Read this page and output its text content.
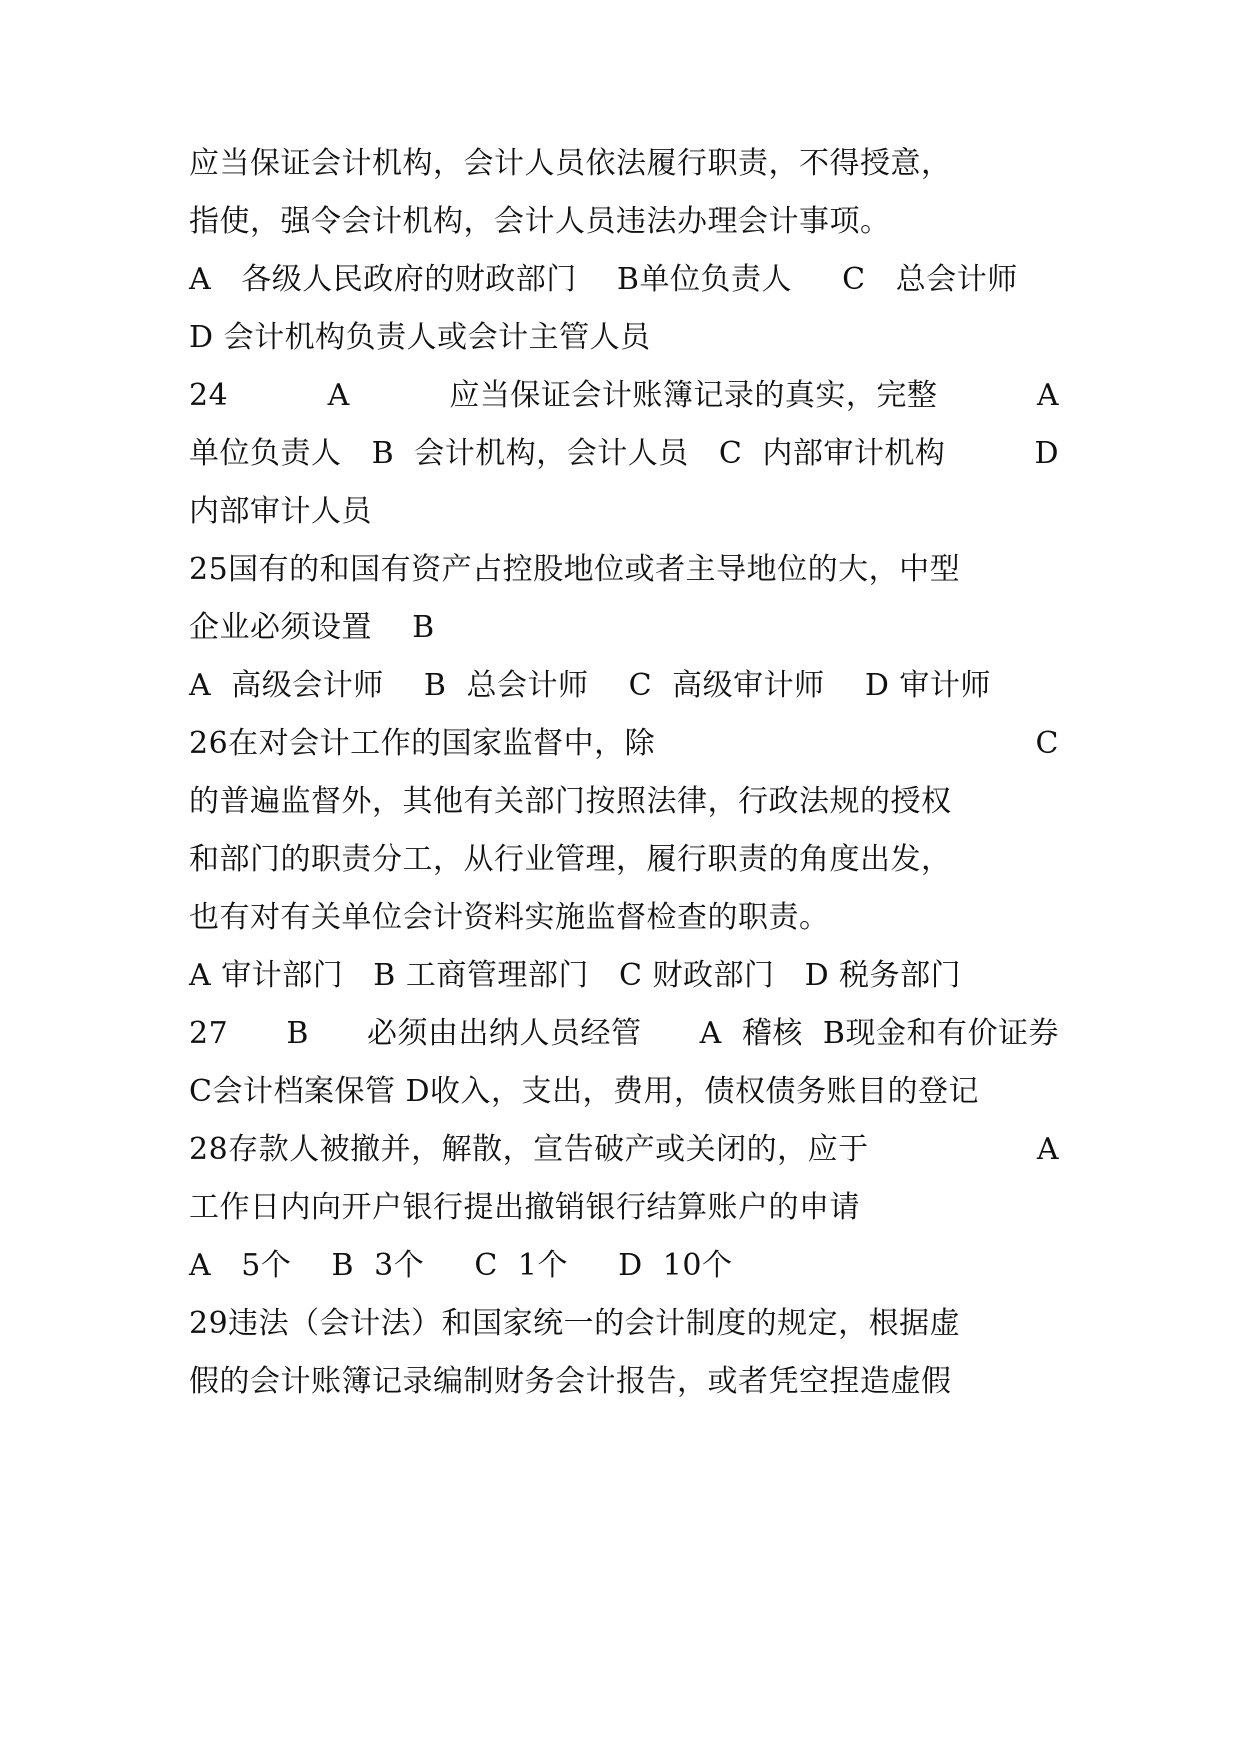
应当保证会计机构，会计人员依法履行职责，不得授意，
指使，强令会计机构，会计人员违法办理会计事项。
A   各级人民政府的财政部门    B单位负责人     C   总会计师
D 会计机构负责人或会计主管人员
24	A	应当保证会计账簿记录的真实，完整	A
单位负责人   B  会计机构，会计人员   C  内部审计机构	D
内部审计人员
25国有的和国有资产占控股地位或者主导地位的大，中型
企业必须设置    B
A  高级会计师    B  总会计师    C  高级审计师    D 审计师
26在对会计工作的国家监督中，除	C
的普遍监督外，其他有关部门按照法律，行政法规的授权
和部门的职责分工，从行业管理，履行职责的角度出发，
也有对有关单位会计资料实施监督检查的职责。
A 审计部门   B 工商管理部门   C 财政部门   D 税务部门
27 B 必须由出纳人员经管 A  稽核  B现金和有价证券
C会计档案保管 D收入，支出，费用，债权债务账目的登记
28存款人被撤并，解散，宣告破产或关闭的，应于	A
工作日内向开户银行提出撤销银行结算账户的申请
A   5个    B  3个     C  1个     D  10个
29违法（会计法）和国家统一的会计制度的规定，根据虚
假的会计账簿记录编制财务会计报告，或者凭空捏造虚假
